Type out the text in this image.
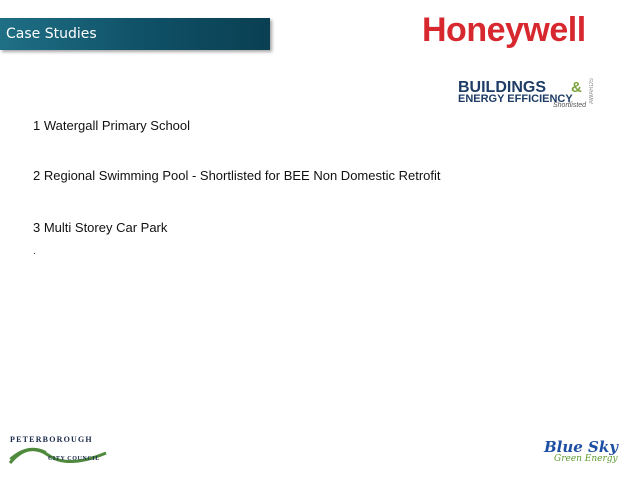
Case Studies	Honeywell
BUILDINGS &
ENERGY EFFICIENCY	AWARDS
Shortlisted
1 Watergall Primary School
2 Regional Swimming Pool - Shortlisted for BEE Non Domestic Retrofit
3 Multi Storey Car Park
.
PETERBOROUGH
CITY COUNCIL
Blue Sky
Green Energy
